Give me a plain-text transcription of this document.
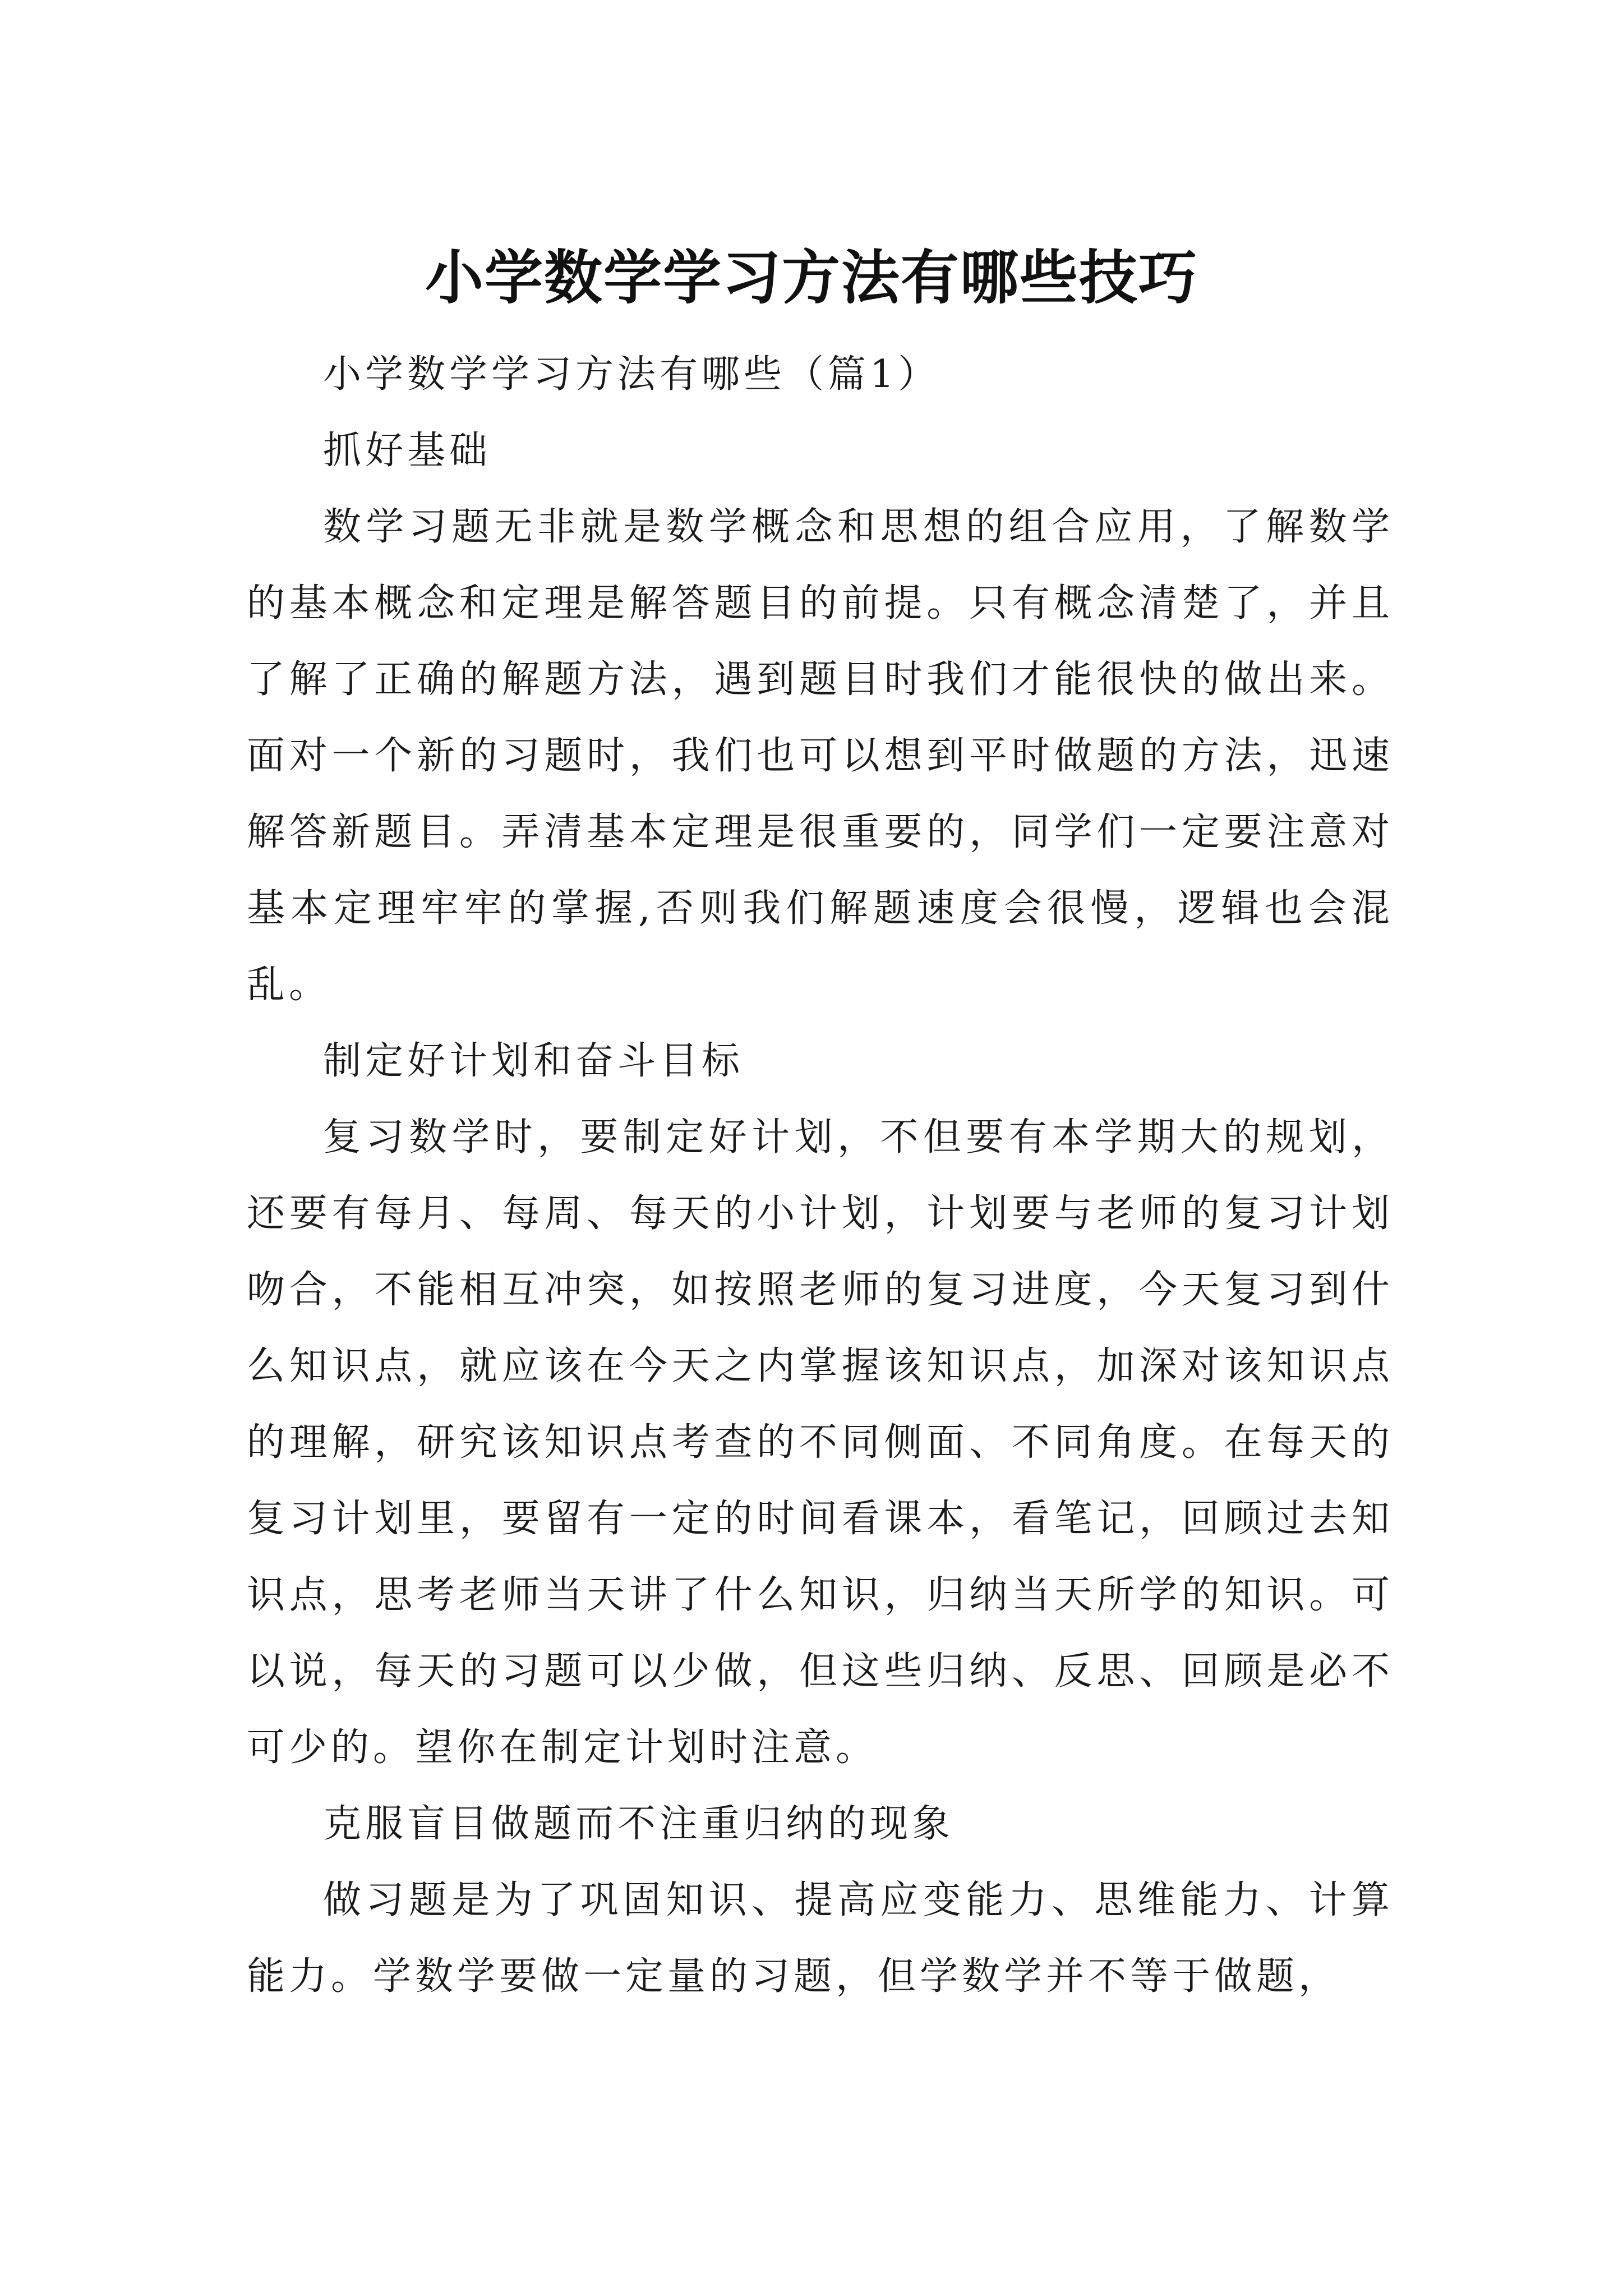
小学数学学习方法有哪些技巧

小学数学学习方法有哪些（篇1）

抓好基础

数学习题无非就是数学概念和思想的组合应用，了解数学的基本概念和定理是解答题目的前提。只有概念清楚了，并且了解了正确的解题方法，遇到题目时我们才能很快的做出来。面对一个新的习题时，我们也可以想到平时做题的方法，迅速解答新题目。弄清基本定理是很重要的，同学们一定要注意对基本定理牢牢的掌握,否则我们解题速度会很慢，逻辑也会混乱。

制定好计划和奋斗目标

复习数学时，要制定好计划，不但要有本学期大的规划，还要有每月、每周、每天的小计划，计划要与老师的复习计划吻合，不能相互冲突，如按照老师的复习进度，今天复习到什么知识点，就应该在今天之内掌握该知识点，加深对该知识点的理解，研究该知识点考查的不同侧面、不同角度。在每天的复习计划里，要留有一定的时间看课本，看笔记，回顾过去知识点，思考老师当天讲了什么知识，归纳当天所学的知识。可以说，每天的习题可以少做，但这些归纳、反思、回顾是必不可少的。望你在制定计划时注意。

克服盲目做题而不注重归纳的现象

做习题是为了巩固知识、提高应变能力、思维能力、计算能力。学数学要做一定量的习题，但学数学并不等于做题，
